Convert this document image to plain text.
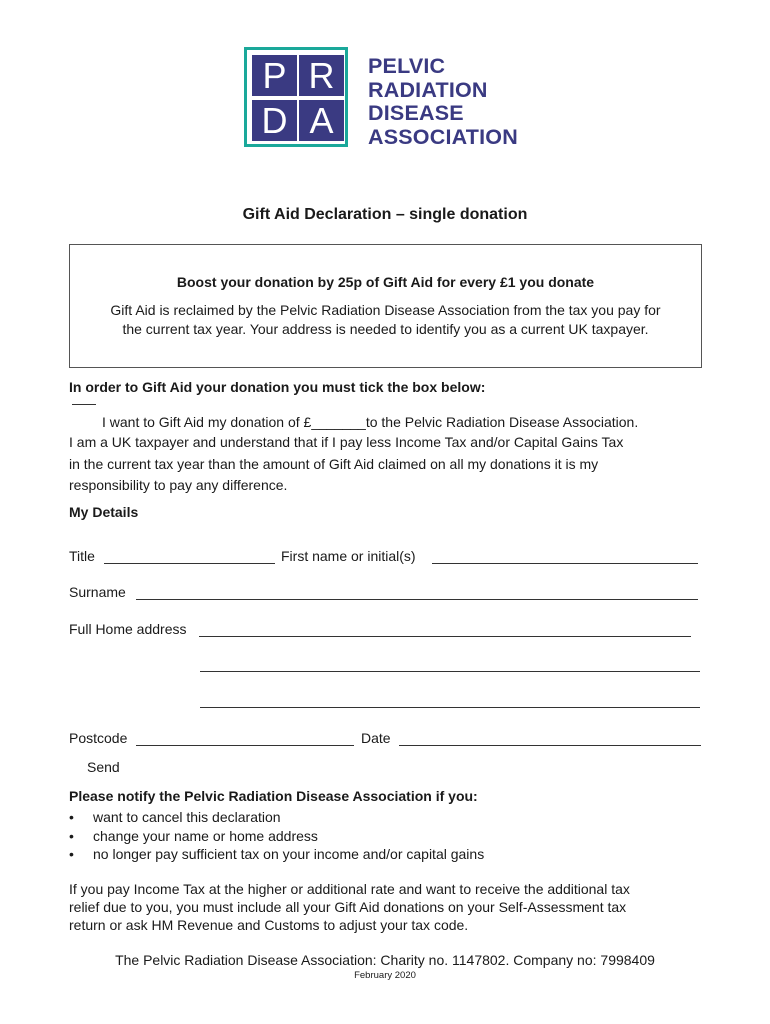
P R
D A
PELVIC
RADIATION
DISEASE
ASSOCIATION
Gift Aid Declaration – single donation
Boost your donation by 25p of Gift Aid for every £1 you donate
Gift Aid is reclaimed by the Pelvic Radiation Disease Association from the tax you pay for
the current tax year. Your address is needed to identify you as a current UK taxpayer.
In order to Gift Aid your donation you must tick the box below:
I want to Gift Aid my donation of £_______to the Pelvic Radiation Disease Association.
I am a UK taxpayer and understand that if I pay less Income Tax and/or Capital Gains Tax
in the current tax year than the amount of Gift Aid claimed on all my donations it is my
responsibility to pay any difference.
My Details
Title	First name or initial(s)
Surname
Full Home address
Postcode	Date
Send
Please notify the Pelvic Radiation Disease Association if you:
• want to cancel this declaration
• change your name or home address
• no longer pay sufficient tax on your income and/or capital gains
If you pay Income Tax at the higher or additional rate and want to receive the additional tax
relief due to you, you must include all your Gift Aid donations on your Self-Assessment tax
return or ask HM Revenue and Customs to adjust your tax code.
The Pelvic Radiation Disease Association: Charity no. 1147802. Company no: 7998409
February 2020
